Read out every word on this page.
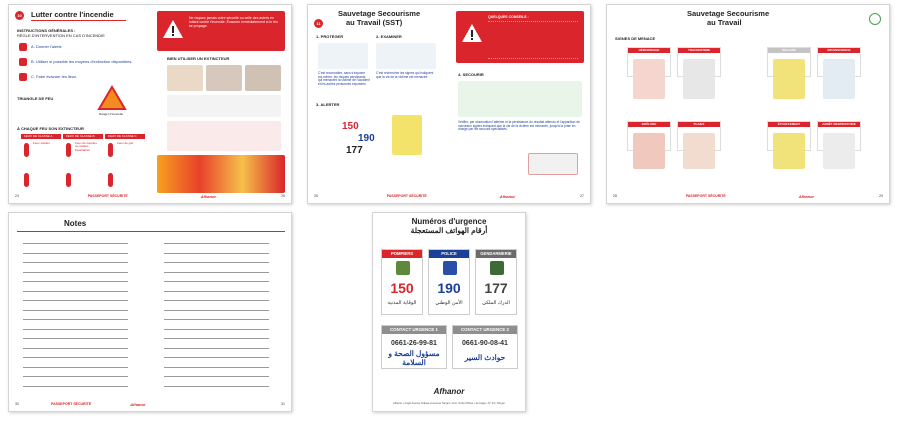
10	Lutter contre l'incendie
INSTRUCTIONS GÉNÉRALES :
RÈGLE D'INTERVENTION EN CAS D'INCENDIE
A. Donner l'alerte
B. Utiliser si possible les moyens d'extinction disponibles.
C. Faire évacuer les lieux.
TRIANGLE DE FEU
Danger d'incendie
À CHAQUE FEU SON EXTINCTEUR
FEUX DE CLASSE A	FEUX DE CLASSE B	FEUX DE CLASSE C
Feux solides	Feux de liquides ou solides liquéfiables
Feux de gaz
Ne risquez jamais votre sécurité ou celle des autres en luttant contre l'incendie. Évacuez immédiatement si le feu se propage.
BIEN UTILISER UN EXTINCTEUR
24	PASSEPORT SÉCURITÉ	Afhanor	25
11
Sauvetage Secourisme
au Travail (SST)
1- PROTÉGER	2- EXAMINER
C'est reconnaître, sans s'exposer soi-même, les risques persistants qui menacent la victime de l'accident et les autres personnes exposées
C'est rechercher les signes qui indiquent que la vie de la victime est menacée
3- ALERTER
150
190
177
QUELQUES CONSEILS :
4- SECOURIR
Vérifier, par observation l'atteinte et la persistance du résultat attendu et l'apparition de nouveaux signes indiquant que la vie de la victime est menacée, jusqu'à la prise en charge par les secours spécialisés.
26	PASSEPORT SÉCURITÉ	Afhanor	27
Sauvetage Secourisme
au Travail
SIGNES DE MENACE
HÉMORRAGIE	TRAUMATISME
BRÛLURE	PLAIES
MALAISE	INCONSCIENCE
ÉTOUFFEMENT	ARRÊT RESPIRATOIRE
28	PASSEPORT SÉCURITÉ	Afhanor	29
Notes
30	PASSEPORT SÉCURITÉ	Afhanor	31
Numéros d'urgence
أرقام الهواتف المستعجلة
POMPIERS
150
الوقاية المدنية
POLICE
190
الأمن الوطني
GENDARMERIE
177
الدرك الملكي
CONTACT URGENCE 1
0661-26-99-81
مسؤول الصحة و السلامة
CONTACT URGENCE 2
0661-90-08-41
حوادث السير
Afhanor
Afhanor • Angle Avenue Oqbaa et Avenue Tanger • Imm. Perla Offices • 2è étage • N° 23 • Tanger
